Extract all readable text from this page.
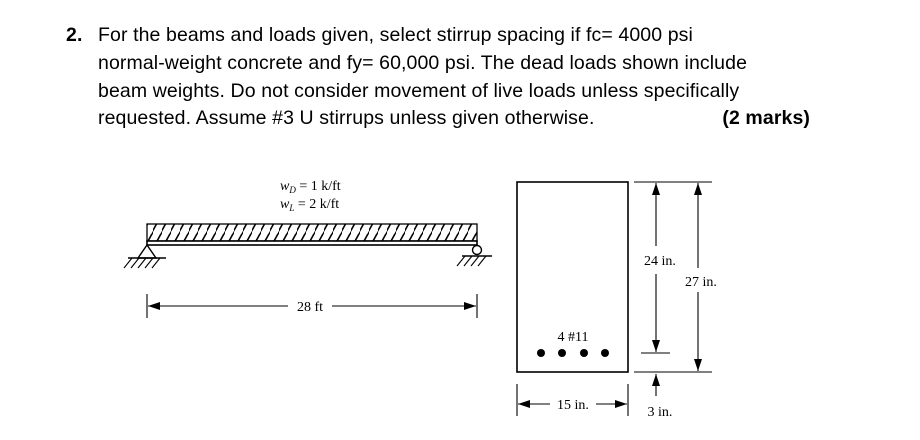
2. For the beams and loads given, select stirrup spacing if fc= 4000 psi
normal-weight concrete and fy= 60,000 psi. The dead loads shown include
beam weights. Do not consider movement of live loads unless specifically
requested. Assume #3 U stirrups unless given otherwise.	(2 marks)
$w_D = 1$ k/ft
$w_L = 2$ k/ft
28 ft
4 #11
24 in.
27 in.
3 in.
15 in.
